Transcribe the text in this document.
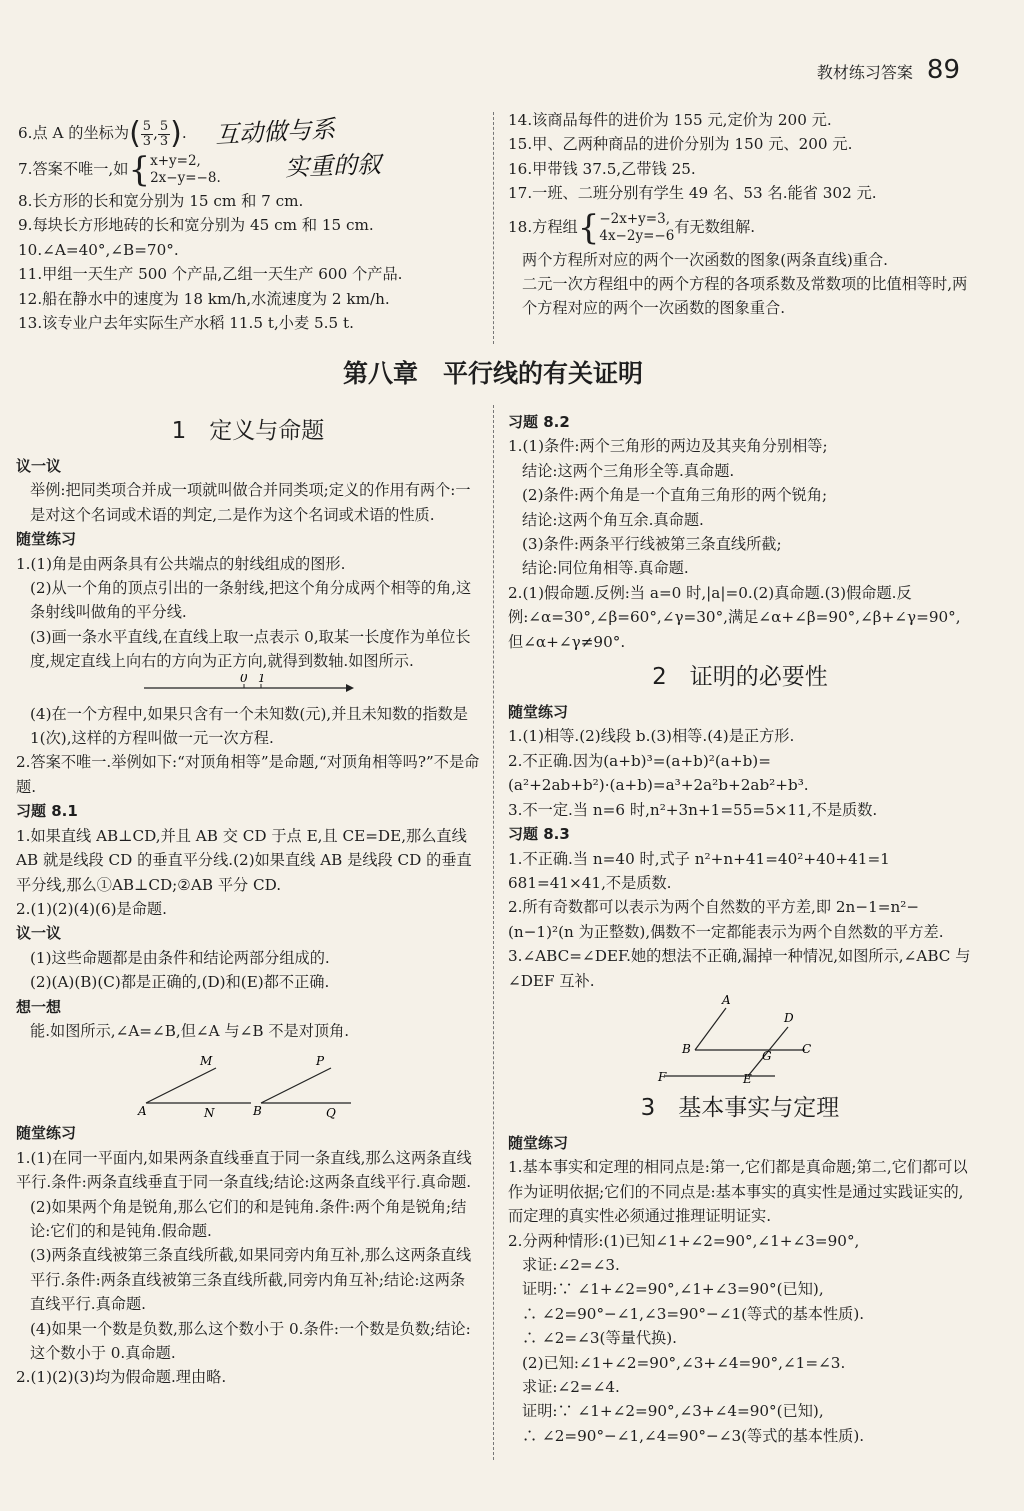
教材练习答案 89

6.点 A 的坐标为( $\frac{5}{3}$ , $\frac{5}{3}$ ).

7.答案不唯一,如{x+y=2,
2x−y=−8.

8.长方形的长和宽分别为 15 cm 和 7 cm.

9.每块长方形地砖的长和宽分别为 45 cm 和 15 cm.

10.∠A=40°,∠B=70°.

11.甲组一天生产 500 个产品,乙组一天生产 600 个产品.

12.船在静水中的速度为 18 km/h,水流速度为 2 km/h.

13.该专业户去年实际生产水稻 11.5 t,小麦 5.5 t.

互动做与系
实重的叙

14.该商品每件的进价为 155 元,定价为 200 元.

15.甲、乙两种商品的进价分别为 150 元、200 元.

16.甲带钱 37.5,乙带钱 25.

17.一班、二班分别有学生 49 名、53 名.能省 302 元.

18.方程组{−2x+y=3,
4x−2y=−6有无数组解.

两个方程所对应的两个一次函数的图象(两条直线)重合.

二元一次方程组中的两个方程的各项系数及常数项的比值相等时,两个方程对应的两个一次函数的图象重合.

第八章　平行线的有关证明
1　定义与命题

议一议

举例:把同类项合并成一项就叫做合并同类项;定义的作用有两个:一是对这个名词或术语的判定,二是作为这个名词或术语的性质.

随堂练习

1.(1)角是由两条具有公共端点的射线组成的图形.

(2)从一个角的顶点引出的一条射线,把这个角分成两个相等的角,这条射线叫做角的平分线.

(3)画一条水平直线,在直线上取一点表示 0,取某一长度作为单位长度,规定直线上向右的方向为正方向,就得到数轴.如图所示.

0 1

(4)在一个方程中,如果只含有一个未知数(元),并且未知数的指数是 1(次),这样的方程叫做一元一次方程.

2.答案不唯一.举例如下:“对顶角相等”是命题,“对顶角相等吗?”不是命题.

习题 8.1

1.如果直线 AB⊥CD,并且 AB 交 CD 于点 E,且 CE=DE,那么直线 AB 就是线段 CD 的垂直平分线.(2)如果直线 AB 是线段 CD 的垂直平分线,那么①AB⊥CD;②AB 平分 CD.

2.(1)(2)(4)(6)是命题.

议一议

(1)这些命题都是由条件和结论两部分组成的.

(2)(A)(B)(C)都是正确的,(D)和(E)都不正确.

想一想

能.如图所示,∠A=∠B,但∠A 与∠B 不是对顶角.

M
A	N
P
B	Q

随堂练习

1.(1)在同一平面内,如果两条直线垂直于同一条直线,那么这两条直线平行.条件:两条直线垂直于同一条直线;结论:这两条直线平行.真命题.

(2)如果两个角是锐角,那么它们的和是钝角.条件:两个角是锐角;结论:它们的和是钝角.假命题.

(3)两条直线被第三条直线所截,如果同旁内角互补,那么这两条直线平行.条件:两条直线被第三条直线所截,同旁内角互补;结论:这两条直线平行.真命题.

(4)如果一个数是负数,那么这个数小于 0.条件:一个数是负数;结论:这个数小于 0.真命题.

2.(1)(2)(3)均为假命题.理由略.

习题 8.2

1.(1)条件:两个三角形的两边及其夹角分别相等;

结论:这两个三角形全等.真命题.

(2)条件:两个角是一个直角三角形的两个锐角;

结论:这两个角互余.真命题.

(3)条件:两条平行线被第三条直线所截;

结论:同位角相等.真命题.

2.(1)假命题.反例:当 a=0 时,|a|=0.(2)真命题.(3)假命题.反例:∠α=30°,∠β=60°,∠γ=30°,满足∠α+∠β=90°,∠β+∠γ=90°,但∠α+∠γ≠90°.

2　证明的必要性

随堂练习

1.(1)相等.(2)线段 b.(3)相等.(4)是正方形.

2.不正确.因为(a+b)³=(a+b)²(a+b)=(a²+2ab+b²)·(a+b)=a³+2a²b+2ab²+b³.

3.不一定.当 n=6 时,n²+3n+1=55=5×11,不是质数.

习题 8.3

1.不正确.当 n=40 时,式子 n²+n+41=40²+40+41=1 681=41×41,不是质数.

2.所有奇数都可以表示为两个自然数的平方差,即 2n−1=n²−(n−1)²(n 为正整数),偶数不一定都能表示为两个自然数的平方差.

3.∠ABC=∠DEF.她的想法不正确,漏掉一种情况,如图所示,∠ABC 与∠DEF 互补.

A
D
B	G	C
F	E
3　基本事实与定理

随堂练习

1.基本事实和定理的相同点是:第一,它们都是真命题;第二,它们都可以作为证明依据;它们的不同点是:基本事实的真实性是通过实践证实的,而定理的真实性必须通过推理证明证实.

2.分两种情形:(1)已知∠1+∠2=90°,∠1+∠3=90°,

求证:∠2=∠3.

证明:∵ ∠1+∠2=90°,∠1+∠3=90°(已知),

∴ ∠2=90°−∠1,∠3=90°−∠1(等式的基本性质).

∴ ∠2=∠3(等量代换).

(2)已知:∠1+∠2=90°,∠3+∠4=90°,∠1=∠3.

求证:∠2=∠4.

证明:∵ ∠1+∠2=90°,∠3+∠4=90°(已知),

∴ ∠2=90°−∠1,∠4=90°−∠3(等式的基本性质).
